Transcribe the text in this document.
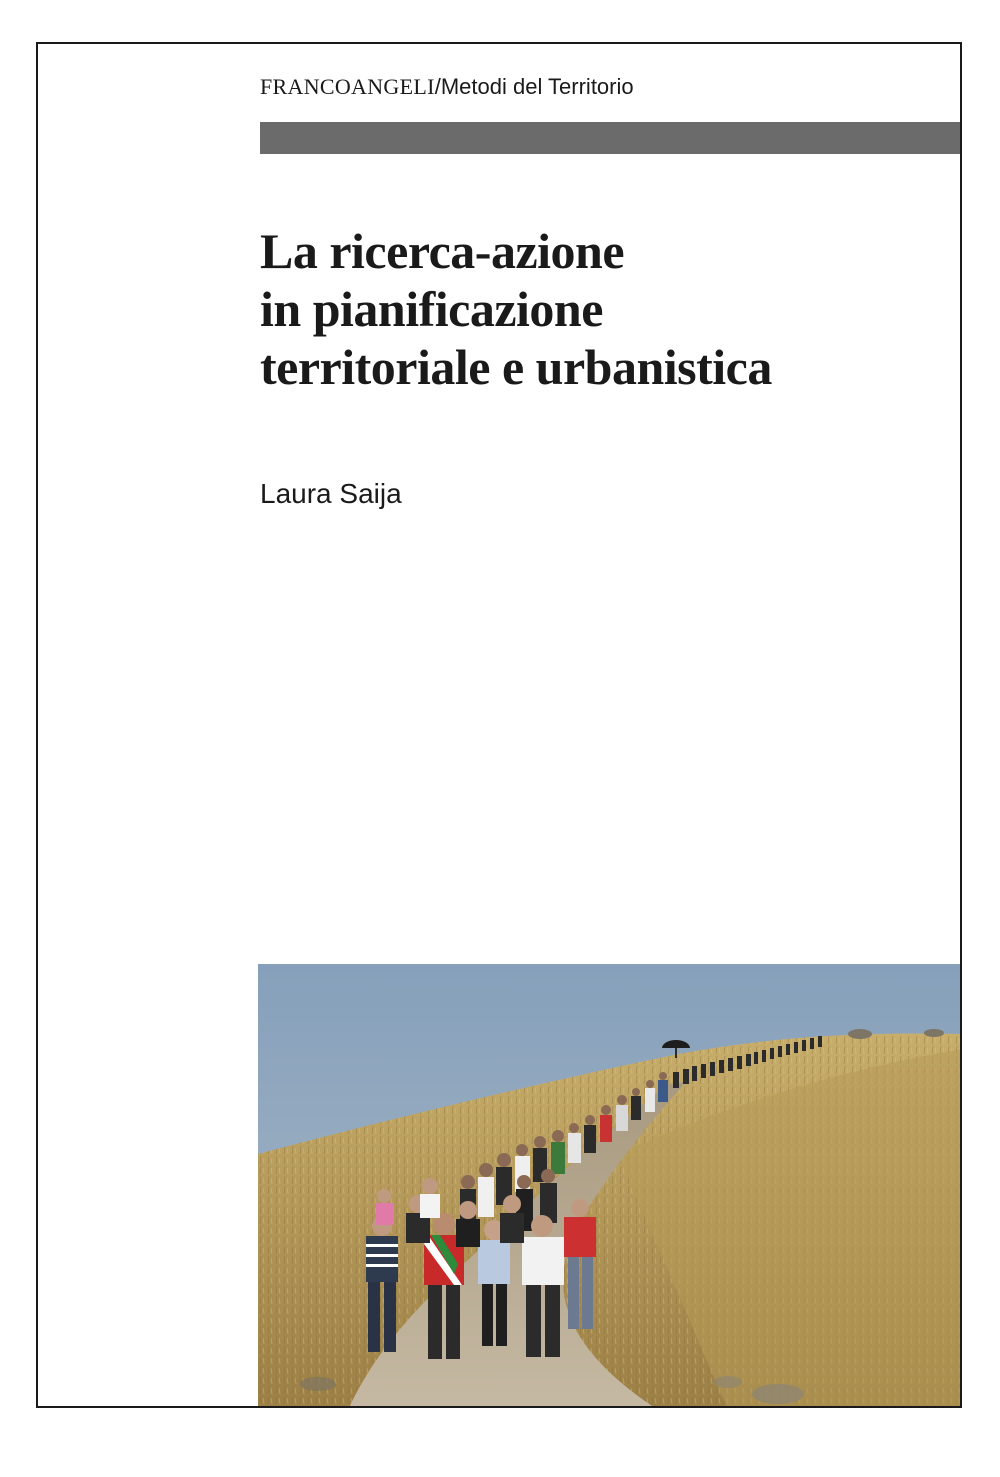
FRANCOANGELI/Metodi del Territorio
La ricerca-azione
in pianificazione
territoriale e urbanistica
Laura Saija
